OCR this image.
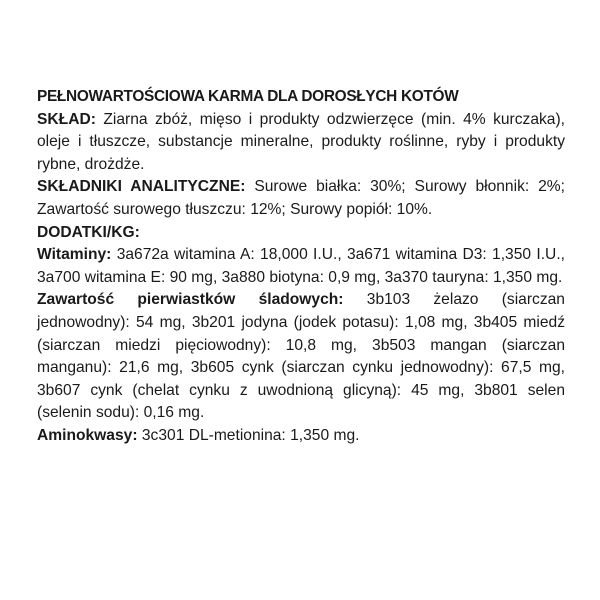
PEŁNOWARTOŚCIOWA KARMA DLA DOROSŁYCH KOTÓW

SKŁAD: Ziarna zbóż, mięso i produkty odzwierzęce (min. 4% kurczaka), oleje i tłuszcze, substancje mineralne, produkty roślinne, ryby i produkty rybne, drożdże.

SKŁADNIKI ANALITYCZNE: Surowe białka: 30%; Surowy błonnik: 2%; Zawartość surowego tłuszczu: 12%; Surowy popiół: 10%.

DODATKI/KG:

Witaminy: 3a672a witamina A: 18,000 I.U., 3a671 witamina D3: 1,350 I.U., 3a700 witamina E: 90 mg, 3a880 biotyna: 0,9 mg, 3a370 tauryna: 1,350 mg.

Zawartość pierwiastków śladowych: 3b103 żelazo (siarczan jednowodny): 54 mg, 3b201 jodyna (jodek potasu): 1,08 mg, 3b405 miedź (siarczan miedzi pięciowodny): 10,8 mg, 3b503 mangan (siarczan manganu): 21,6 mg, 3b605 cynk (siarczan cynku jednowodny): 67,5 mg, 3b607 cynk (chelat cynku z uwodnioną glicyną): 45 mg, 3b801 selen (selenin sodu): 0,16 mg.

Aminokwasy: 3c301 DL-metionina: 1,350 mg.
